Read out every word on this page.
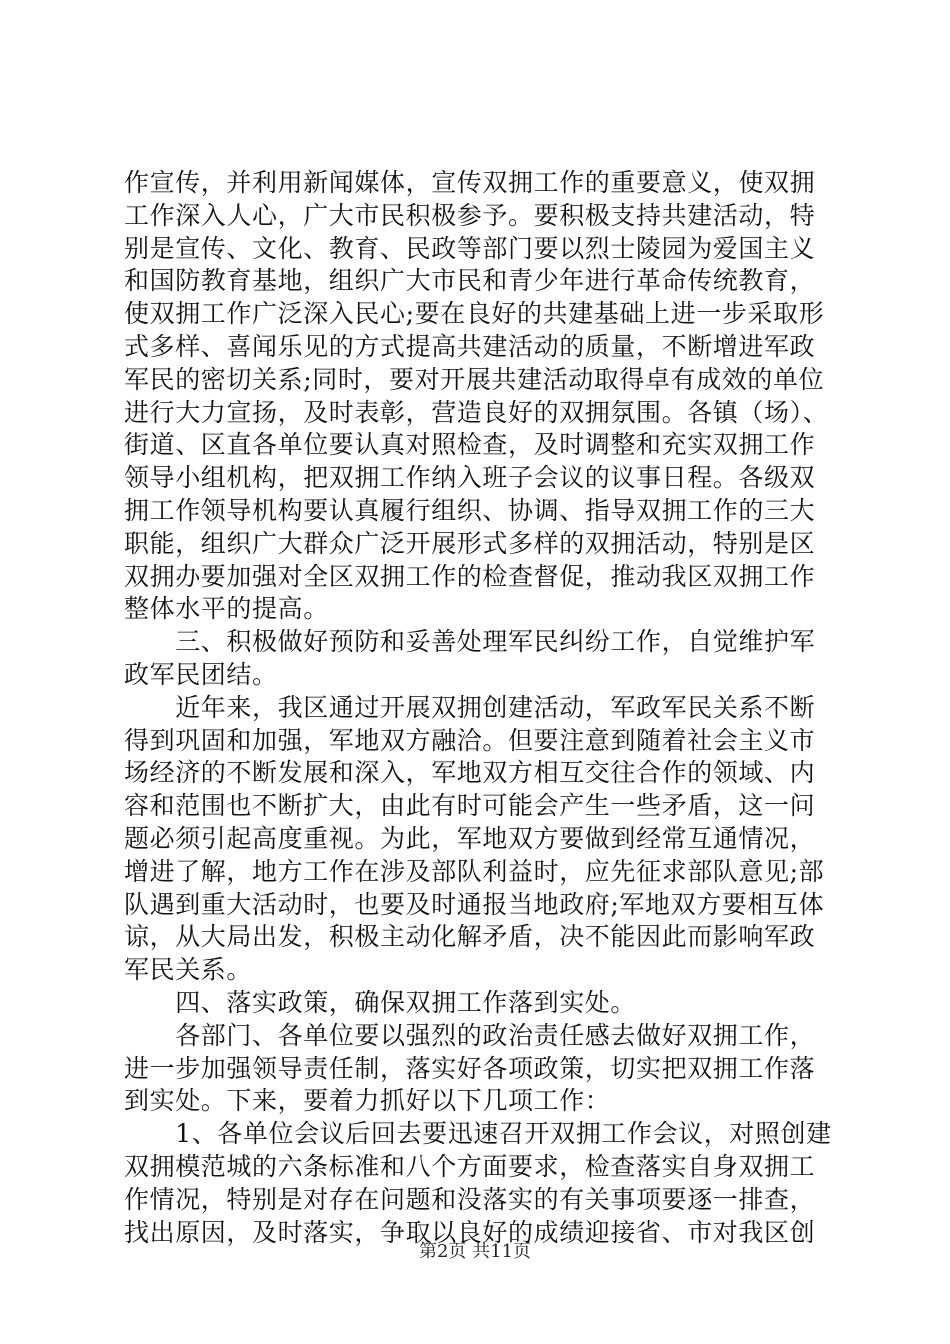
作宣传，并利用新闻媒体，宣传双拥工作的重要意义，使双拥
工作深入人心，广大市民积极参予。要积极支持共建活动，特
别是宣传、文化、教育、民政等部门要以烈士陵园为爱国主义
和国防教育基地，组织广大市民和青少年进行革命传统教育，
使双拥工作广泛深入民心;要在良好的共建基础上进一步采取形
式多样、喜闻乐见的方式提高共建活动的质量，不断增进军政
军民的密切关系;同时，要对开展共建活动取得卓有成效的单位
进行大力宣扬，及时表彰，营造良好的双拥氛围。各镇（场）、
街道、区直各单位要认真对照检查，及时调整和充实双拥工作
领导小组机构，把双拥工作纳入班子会议的议事日程。各级双
拥工作领导机构要认真履行组织、协调、指导双拥工作的三大
职能，组织广大群众广泛开展形式多样的双拥活动，特别是区
双拥办要加强对全区双拥工作的检查督促，推动我区双拥工作
整体水平的提高。
　　三、积极做好预防和妥善处理军民纠纷工作，自觉维护军
政军民团结。
　　近年来，我区通过开展双拥创建活动，军政军民关系不断
得到巩固和加强，军地双方融洽。但要注意到随着社会主义市
场经济的不断发展和深入，军地双方相互交往合作的领域、内
容和范围也不断扩大，由此有时可能会产生一些矛盾，这一问
题必须引起高度重视。为此，军地双方要做到经常互通情况，
增进了解，地方工作在涉及部队利益时，应先征求部队意见;部
队遇到重大活动时，也要及时通报当地政府;军地双方要相互体
谅，从大局出发，积极主动化解矛盾，决不能因此而影响军政
军民关系。
　　四、落实政策，确保双拥工作落到实处。
　　各部门、各单位要以强烈的政治责任感去做好双拥工作，
进一步加强领导责任制，落实好各项政策，切实把双拥工作落
到实处。下来，要着力抓好以下几项工作：
　　1、各单位会议后回去要迅速召开双拥工作会议，对照创建
双拥模范城的六条标准和八个方面要求，检查落实自身双拥工
作情况，特别是对存在问题和没落实的有关事项要逐一排查，
找出原因，及时落实，争取以良好的成绩迎接省、市对我区创
第2页 共11页
